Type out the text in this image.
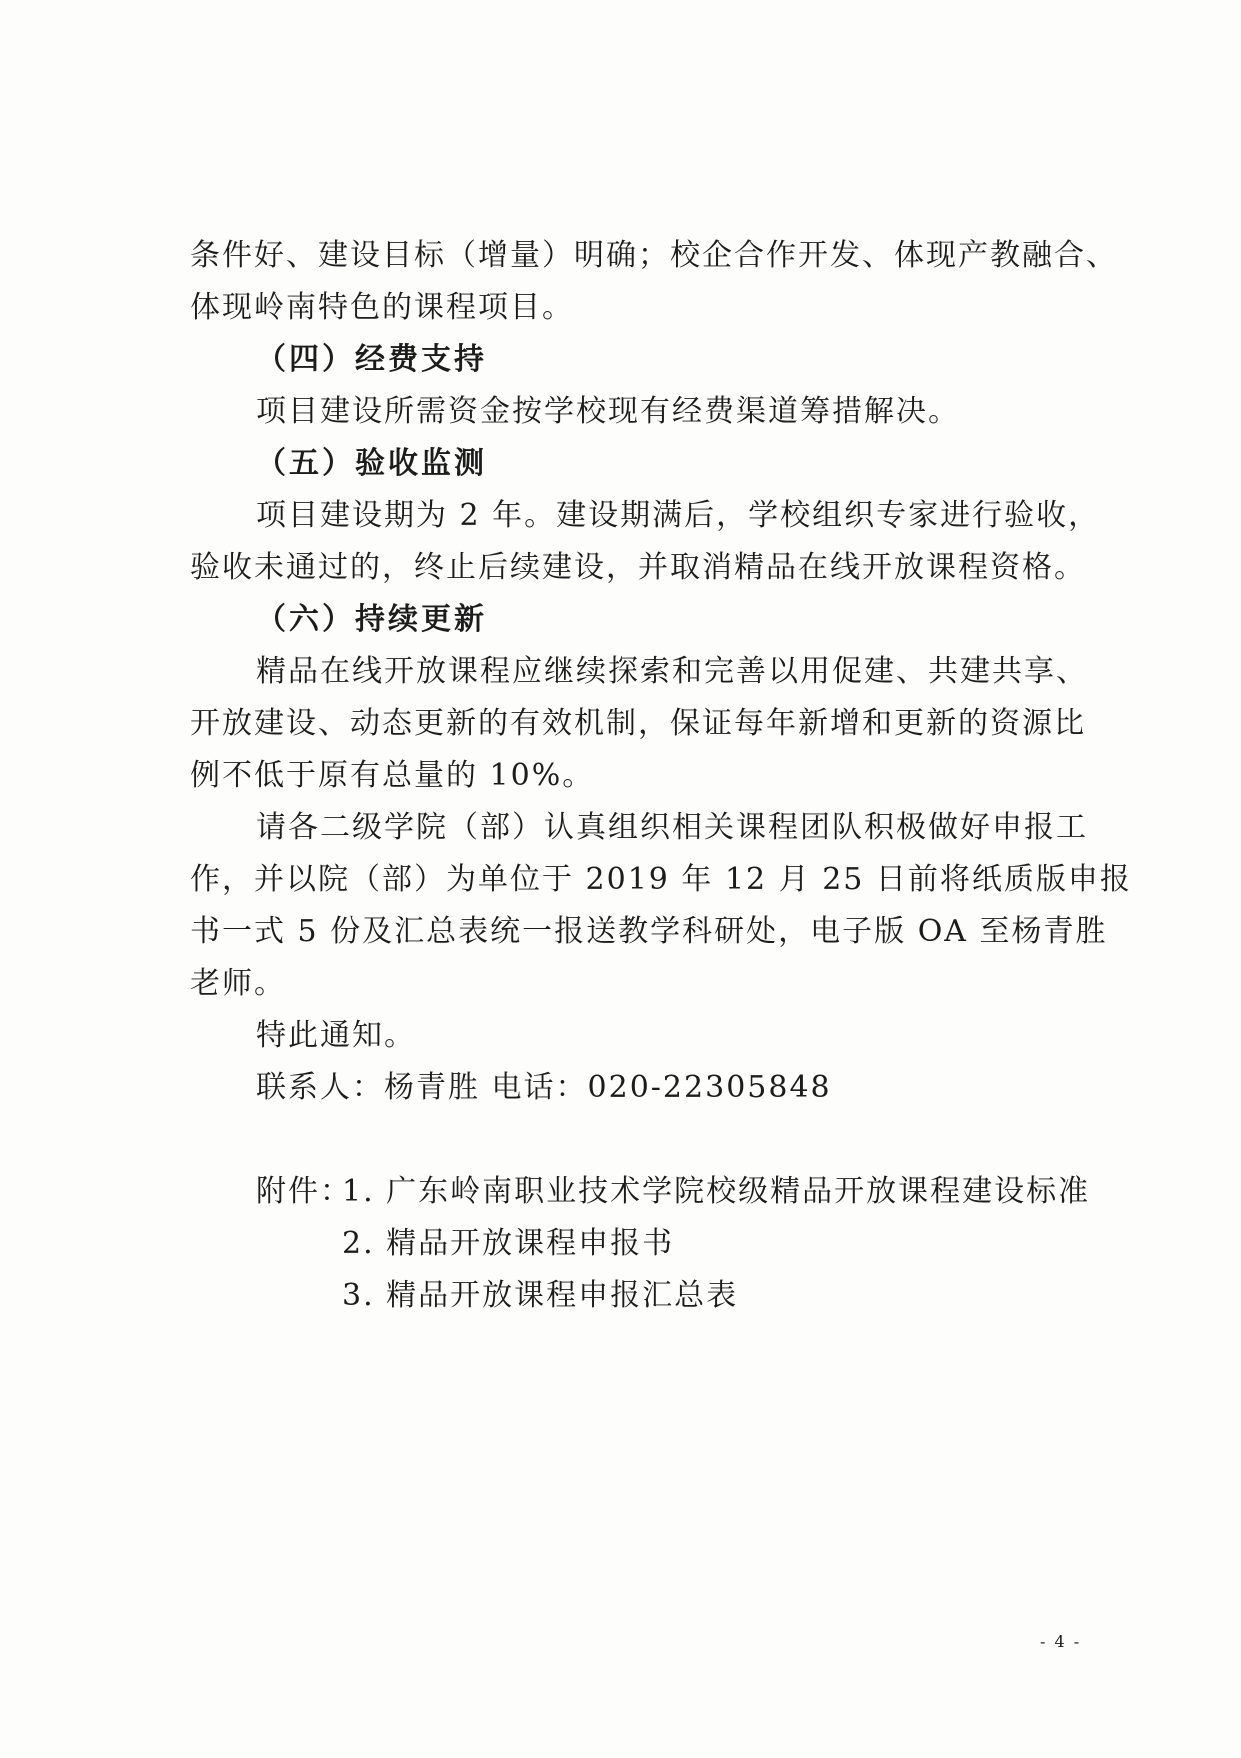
条件好、建设目标（增量）明确；校企合作开发、体现产教融合、
体现岭南特色的课程项目。
（四）经费支持
项目建设所需资金按学校现有经费渠道筹措解决。
（五）验收监测
项目建设期为 2 年。建设期满后，学校组织专家进行验收，
验收未通过的，终止后续建设，并取消精品在线开放课程资格。
（六）持续更新
精品在线开放课程应继续探索和完善以用促建、共建共享、
开放建设、动态更新的有效机制，保证每年新增和更新的资源比
例不低于原有总量的 10%。
请各二级学院（部）认真组织相关课程团队积极做好申报工
作，并以院（部）为单位于 2019 年 12 月 25 日前将纸质版申报
书一式 5 份及汇总表统一报送教学科研处，电子版 OA 至杨青胜
老师。
特此通知。
联系人：杨青胜 电话：020-22305848
附件：
1. 广东岭南职业技术学院校级精品开放课程建设标准
2. 精品开放课程申报书
3. 精品开放课程申报汇总表
- 4 -
